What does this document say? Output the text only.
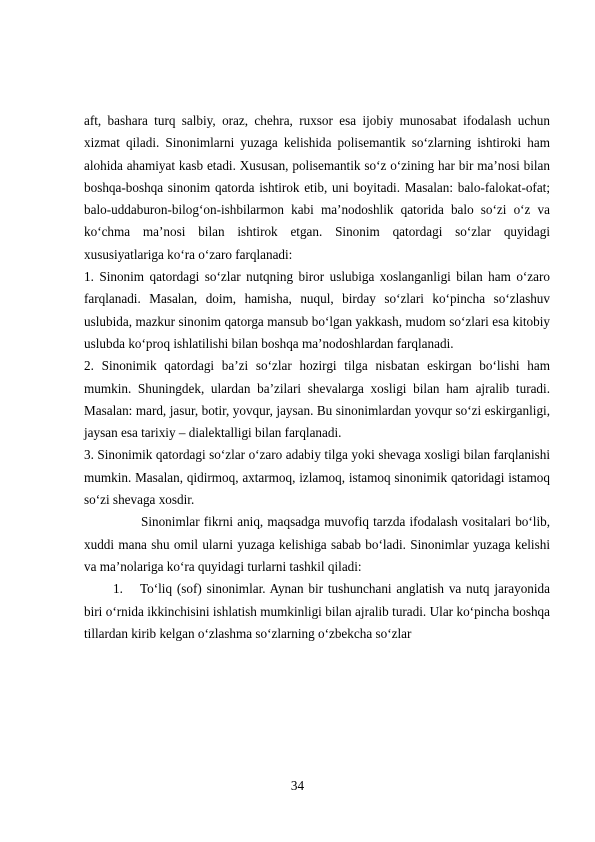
aft, bashara turq salbiy, oraz, chehra, ruxsor esa ijobiy munosabat ifodalash uchun xizmat qiladi. Sinonimlarni yuzaga kelishida polisemantik so‘zlarning ishtiroki ham alohida ahamiyat kasb etadi. Xususan, polisemantik so‘z o‘zining har bir ma’nosi bilan boshqa-boshqa sinonim qatorda ishtirok etib, uni boyitadi. Masalan: balo-falokat-ofat; balo-uddaburon-bilog‘on-ishbilarmon kabi ma’nodoshlik qatorida balo so‘zi o‘z va ko‘chma ma’nosi bilan ishtirok etgan. Sinonim qatordagi so‘zlar quyidagi xususiyatlariga ko‘ra o‘zaro farqlanadi:

1. Sinonim qatordagi so‘zlar nutqning biror uslubiga xoslanganligi bilan ham o‘zaro farqlanadi. Masalan, doim, hamisha, nuqul, birday so‘zlari ko‘pincha so‘zlashuv uslubida, mazkur sinonim qatorga mansub bo‘lgan yakkash, mudom so‘zlari esa kitobiy uslubda ko‘proq ishlatilishi bilan boshqa ma’nodoshlardan farqlanadi.

2. Sinonimik qatordagi ba’zi so‘zlar hozirgi tilga nisbatan eskirgan bo‘lishi ham mumkin. Shuningdek, ulardan ba’zilari shevalarga xosligi bilan ham ajralib turadi. Masalan: mard, jasur, botir, yovqur, jaysan. Bu sinonimlardan yovqur so‘zi eskirganligi, jaysan esa tarixiy – dialektalligi bilan farqlanadi.

3. Sinonimik qatordagi so‘zlar o‘zaro adabiy tilga yoki shevaga xosligi bilan farqlanishi mumkin. Masalan, qidirmoq, axtarmoq, izlamoq, istamoq sinonimik qatoridagi istamoq so‘zi shevaga xosdir.

Sinonimlar fikrni aniq, maqsadga muvofiq tarzda ifodalash vositalari bo‘lib, xuddi mana shu omil ularni yuzaga kelishiga sabab bo‘ladi. Sinonimlar yuzaga kelishi va ma’nolariga ko‘ra quyidagi turlarni tashkil qiladi:

1. To‘liq (sof) sinonimlar. Aynan bir tushunchani anglatish va nutq jarayonida biri o‘rnida ikkinchisini ishlatish mumkinligi bilan ajralib turadi. Ular ko‘pincha boshqa tillardan kirib kelgan o‘zlashma so‘zlarning o‘zbekcha so‘zlar

34
